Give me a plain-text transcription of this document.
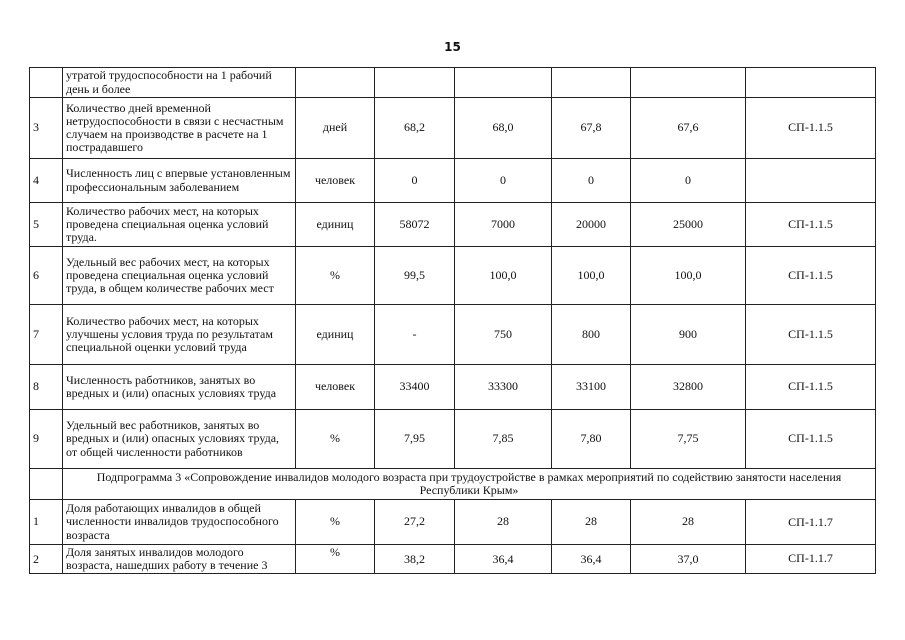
15
	утратой трудоспособности на 1 рабочий день и более						
3	Количество дней временной нетрудоспособности в связи с несчастным случаем на производстве в расчете на 1 пострадавшего	дней	68,2	68,0	67,8	67,6	СП-1.1.5
4	Численность лиц с впервые установленным профессиональным заболеванием	человек	0	0	0	0	
5	Количество рабочих мест, на которых проведена специальная оценка условий труда.	единиц	58072	7000	20000	25000	СП-1.1.5
6	Удельный вес рабочих мест, на которых проведена специальная оценка условий труда, в общем количестве рабочих мест	%	99,5	100,0	100,0	100,0	СП-1.1.5
7	Количество рабочих мест, на которых улучшены условия труда по результатам специальной оценки условий труда	единиц	-	750	800	900	СП-1.1.5
8	Численность работников, занятых во вредных и (или) опасных условиях труда	человек	33400	33300	33100	32800	СП-1.1.5
9	Удельный вес работников, занятых во вредных и (или) опасных условиях труда, от общей численности работников	%	7,95	7,85	7,80	7,75	СП-1.1.5
	Подпрограмма 3 «Сопровождение инвалидов молодого возраста при трудоустройстве в рамках мероприятий по содействию занятости населения Республики Крым»						
1	Доля работающих инвалидов в общей численности инвалидов трудоспособного возраста	%	27,2	28	28	28	СП-1.1.7
2	Доля занятых инвалидов молодого возраста, нашедших работу в течение 3	%	38,2	36,4	36,4	37,0	СП-1.1.7
